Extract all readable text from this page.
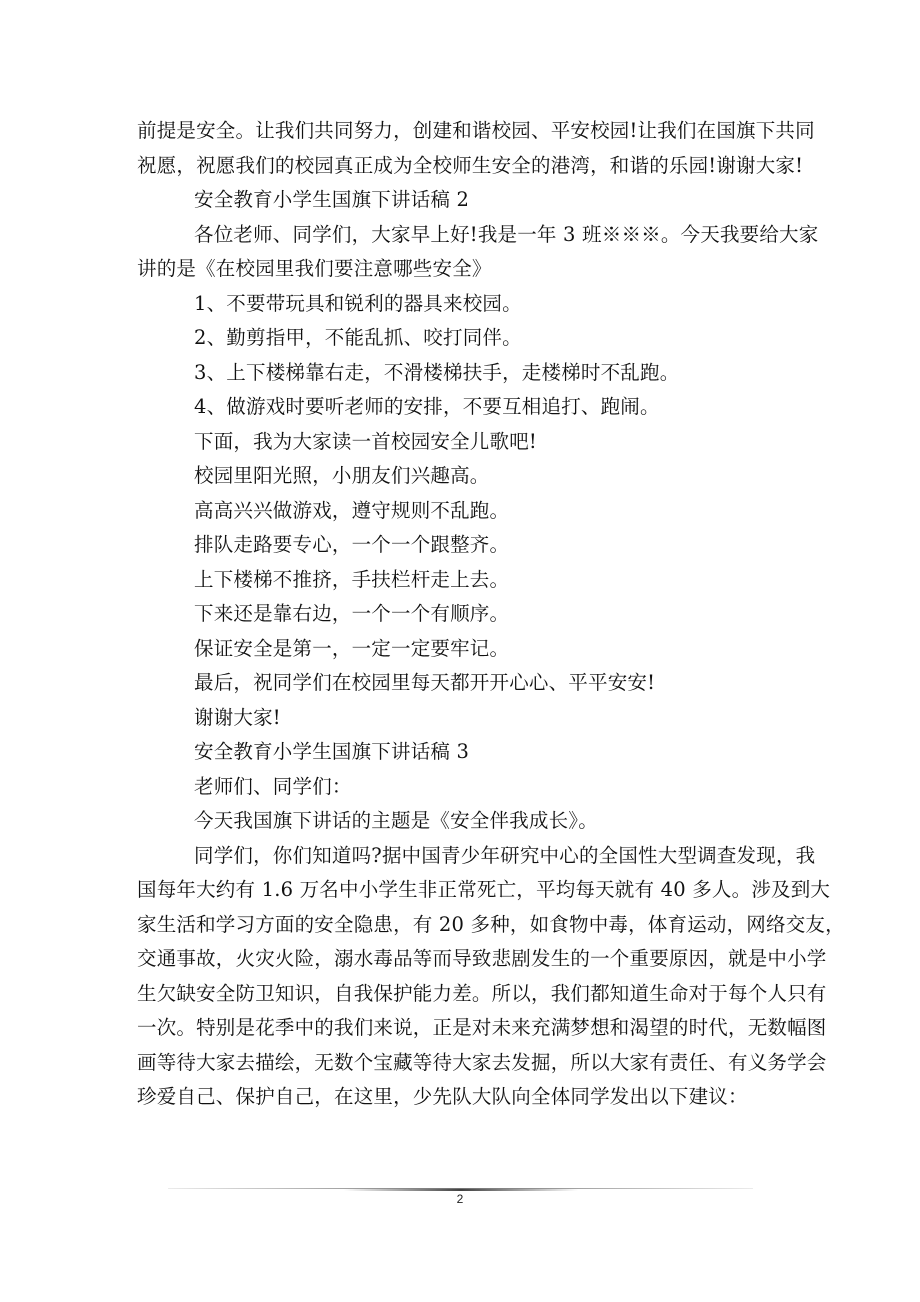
前提是安全。让我们共同努力，创建和谐校园、平安校园!让我们在国旗下共同
祝愿，祝愿我们的校园真正成为全校师生安全的港湾，和谐的乐园!谢谢大家!
安全教育小学生国旗下讲话稿 2
各位老师、同学们，大家早上好!我是一年 3 班※※※。今天我要给大家
讲的是《在校园里我们要注意哪些安全》
1、不要带玩具和锐利的器具来校园。
2、勤剪指甲，不能乱抓、咬打同伴。
3、上下楼梯靠右走，不滑楼梯扶手，走楼梯时不乱跑。
4、做游戏时要听老师的安排，不要互相追打、跑闹。
下面，我为大家读一首校园安全儿歌吧!
校园里阳光照，小朋友们兴趣高。
高高兴兴做游戏，遵守规则不乱跑。
排队走路要专心，一个一个跟整齐。
上下楼梯不推挤，手扶栏杆走上去。
下来还是靠右边，一个一个有顺序。
保证安全是第一，一定一定要牢记。
最后，祝同学们在校园里每天都开开心心、平平安安!
谢谢大家!
安全教育小学生国旗下讲话稿 3
老师们、同学们：
今天我国旗下讲话的主题是《安全伴我成长》。
同学们，你们知道吗?据中国青少年研究中心的全国性大型调查发现，我
国每年大约有 1.6 万名中小学生非正常死亡，平均每天就有 40 多人。涉及到大
家生活和学习方面的安全隐患，有 20 多种，如食物中毒，体育运动，网络交友，
交通事故，火灾火险，溺水毒品等而导致悲剧发生的一个重要原因，就是中小学
生欠缺安全防卫知识，自我保护能力差。所以，我们都知道生命对于每个人只有
一次。特别是花季中的我们来说，正是对未来充满梦想和渴望的时代，无数幅图
画等待大家去描绘，无数个宝藏等待大家去发掘，所以大家有责任、有义务学会
珍爱自己、保护自己，在这里，少先队大队向全体同学发出以下建议：
2
